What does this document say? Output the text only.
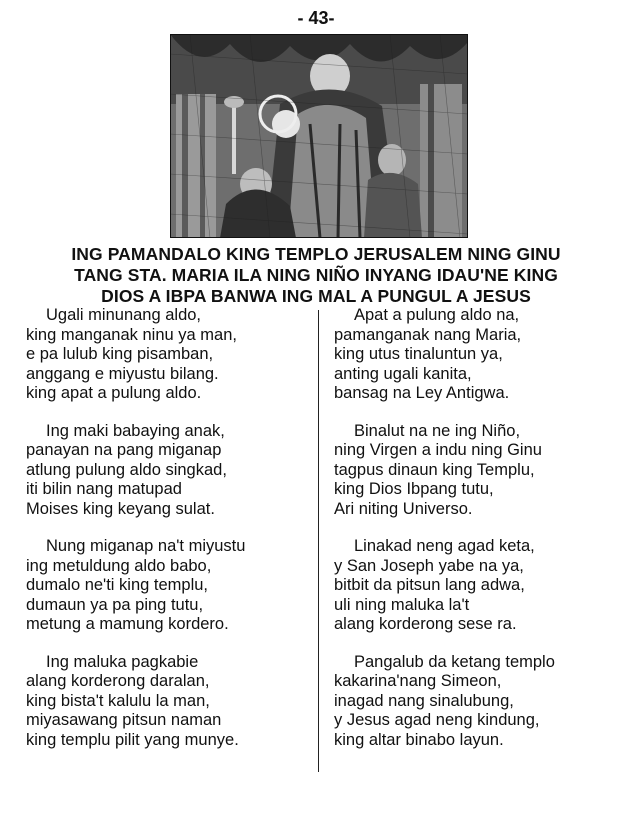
- 43-
ING PAMANDALO KING TEMPLO JERUSALEM NING GINU
TANG STA. MARIA ILA NING NIÑO INYANG IDAU'NE KING
DIOS A IBPA BANWA ING MAL A PUNGUL A JESUS
Ugali minunang aldo,
king manganak ninu ya man,
e pa lulub king pisamban,
anggang e miyustu bilang.
king apat a pulung aldo.
Ing maki babaying anak,
panayan na pang miganap
atlung pulung aldo singkad,
iti bilin nang matupad
Moises king keyang sulat.
Nung miganap na't miyustu
ing metuldung aldo babo,
dumalo ne'ti king templu,
dumaun ya pa ping tutu,
metung a mamung kordero.
Ing maluka pagkabie
alang korderong daralan,
king bista't kalulu la man,
miyasawang pitsun naman
king templu pilit yang munye.
Apat a pulung aldo na,
pamanganak nang Maria,
king utus tinaluntun ya,
anting ugali kanita,
bansag na Ley Antigwa.
Binalut na ne ing Niño,
ning Virgen a indu ning Ginu
tagpus dinaun king Templu,
king Dios Ibpang tutu,
Ari niting Universo.
Linakad neng agad keta,
y San Joseph yabe na ya,
bitbit da pitsun lang adwa,
uli ning maluka la't
alang korderong sese ra.
Pangalub da ketang templo
kakarina'nang Simeon,
inagad nang sinalubung,
y Jesus agad neng kindung,
king altar binabo layun.
